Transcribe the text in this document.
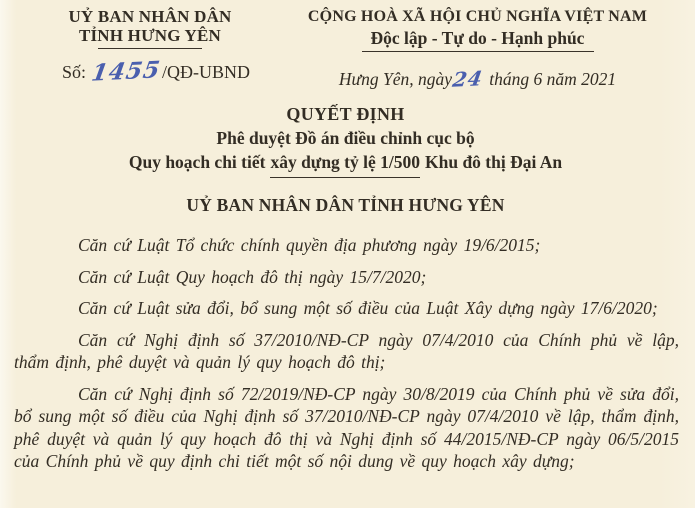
UỶ BAN NHÂN DÂN
TỈNH HƯNG YÊN
Số: 1455/QĐ-UBND
CỘNG HOÀ XÃ HỘI CHỦ NGHĨA VIỆT NAM
Độc lập - Tự do - Hạnh phúc
Hưng Yên, ngày24 tháng 6 năm 2021
QUYẾT ĐỊNH
Phê duyệt Đồ án điều chỉnh cục bộ
Quy hoạch chi tiết xây dựng tỷ lệ 1/500 Khu đô thị Đại An
UỶ BAN NHÂN DÂN TỈNH HƯNG YÊN

Căn cứ Luật Tổ chức chính quyền địa phương ngày 19/6/2015;

Căn cứ Luật Quy hoạch đô thị ngày 15/7/2020;

Căn cứ Luật sửa đổi, bổ sung một số điều của Luật Xây dựng ngày 17/6/2020;

Căn cứ Nghị định số 37/2010/NĐ-CP ngày 07/4/2010 của Chính phủ về lập, thẩm định, phê duyệt và quản lý quy hoạch đô thị;

Căn cứ Nghị định số 72/2019/NĐ-CP ngày 30/8/2019 của Chính phủ về sửa đổi, bổ sung một số điều của Nghị định số 37/2010/NĐ-CP ngày 07/4/2010 về lập, thẩm định, phê duyệt và quản lý quy hoạch đô thị và Nghị định số 44/2015/NĐ-CP ngày 06/5/2015 của Chính phủ về quy định chi tiết một số nội dung về quy hoạch xây dựng;
